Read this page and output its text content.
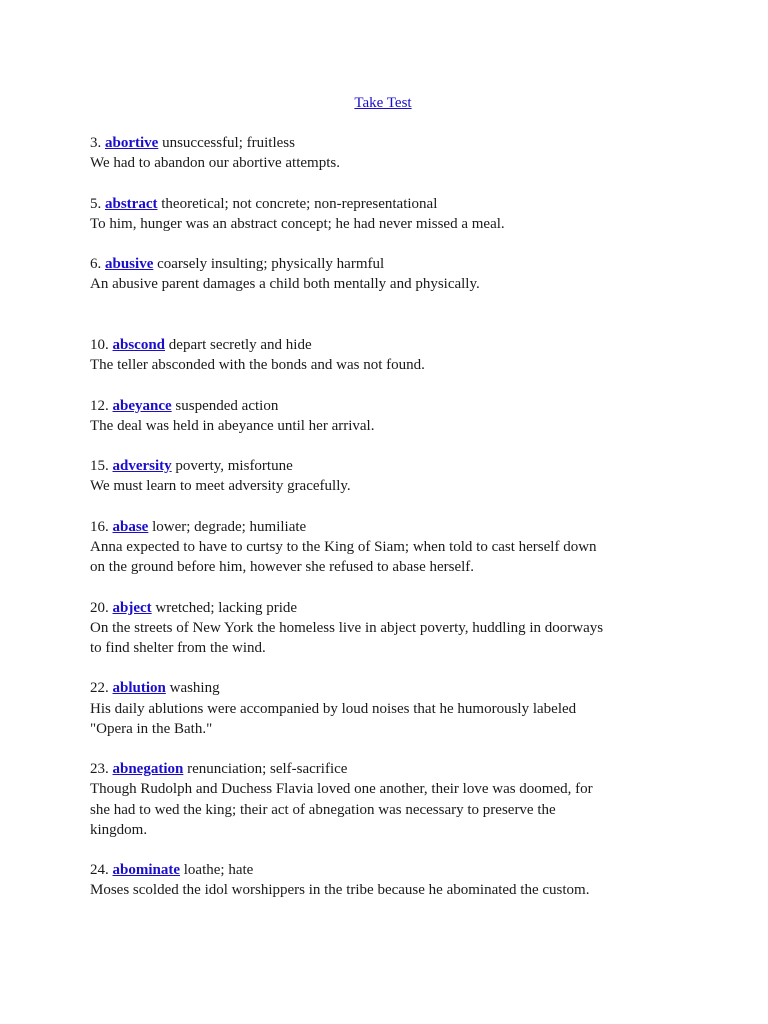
Take Test
3. abortive unsuccessful; fruitless
We had to abandon our abortive attempts.
5. abstract theoretical; not concrete; non-representational
To him, hunger was an abstract concept; he had never missed a meal.
6. abusive coarsely insulting; physically harmful
An abusive parent damages a child both mentally and physically.
10. abscond depart secretly and hide
The teller absconded with the bonds and was not found.
12. abeyance suspended action
The deal was held in abeyance until her arrival.
15. adversity poverty, misfortune
We must learn to meet adversity gracefully.
16. abase lower; degrade; humiliate
Anna expected to have to curtsy to the King of Siam; when told to cast herself down
on the ground before him, however she refused to abase herself.
20. abject wretched; lacking pride
On the streets of New York the homeless live in abject poverty, huddling in doorways
to find shelter from the wind.
22. ablution washing
His daily ablutions were accompanied by loud noises that he humorously labeled
"Opera in the Bath."
23. abnegation renunciation; self-sacrifice
Though Rudolph and Duchess Flavia loved one another, their love was doomed, for
she had to wed the king; their act of abnegation was necessary to preserve the
kingdom.
24. abominate loathe; hate
Moses scolded the idol worshippers in the tribe because he abominated the custom.
